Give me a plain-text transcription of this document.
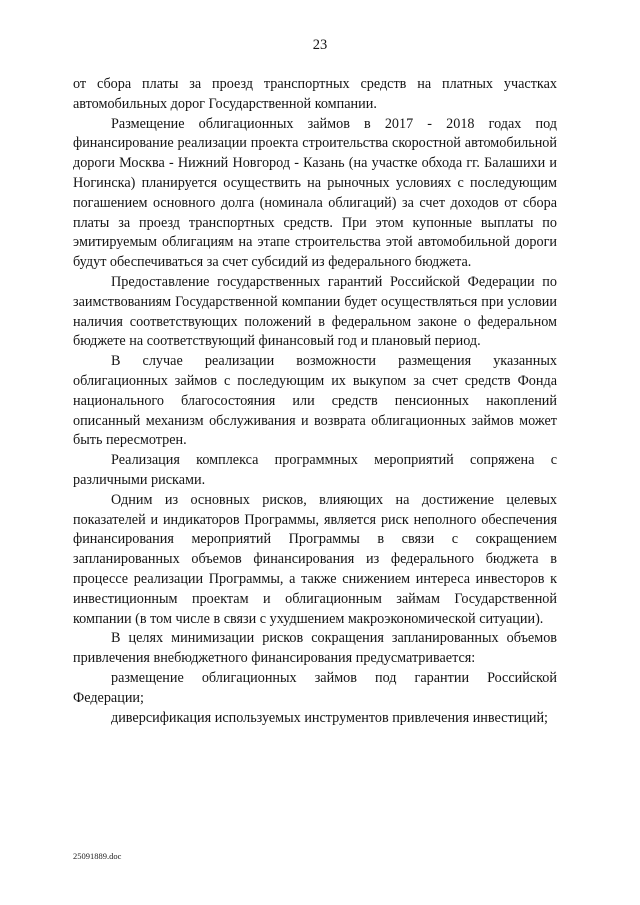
23

от сбора платы за проезд транспортных средств на платных участках автомобильных дорог Государственной компании.

Размещение облигационных займов в 2017 - 2018 годах под финансирование реализации проекта строительства скоростной автомобильной дороги Москва - Нижний Новгород - Казань (на участке обхода гг. Балашихи и Ногинска) планируется осуществить на рыночных условиях с последующим погашением основного долга (номинала облигаций) за счет доходов от сбора платы за проезд транспортных средств. При этом купонные выплаты по эмитируемым облигациям на этапе строительства этой автомобильной дороги будут обеспечиваться за счет субсидий из федерального бюджета.

Предоставление государственных гарантий Российской Федерации по заимствованиям Государственной компании будет осуществляться при условии наличия соответствующих положений в федеральном законе о федеральном бюджете на соответствующий финансовый год и плановый период.

В случае реализации возможности размещения указанных облигационных займов с последующим их выкупом за счет средств Фонда национального благосостояния или средств пенсионных накоплений описанный механизм обслуживания и возврата облигационных займов может быть пересмотрен.

Реализация комплекса программных мероприятий сопряжена с различными рисками.

Одним из основных рисков, влияющих на достижение целевых показателей и индикаторов Программы, является риск неполного обеспечения финансирования мероприятий Программы в связи с сокращением запланированных объемов финансирования из федерального бюджета в процессе реализации Программы, а также снижением интереса инвесторов к инвестиционным проектам и облигационным займам Государственной компании (в том числе в связи с ухудшением макроэкономической ситуации).

В целях минимизации рисков сокращения запланированных объемов привлечения внебюджетного финансирования предусматривается:

размещение облигационных займов под гарантии Российской Федерации;

диверсификация используемых инструментов привлечения инвестиций;

25091889.doc
